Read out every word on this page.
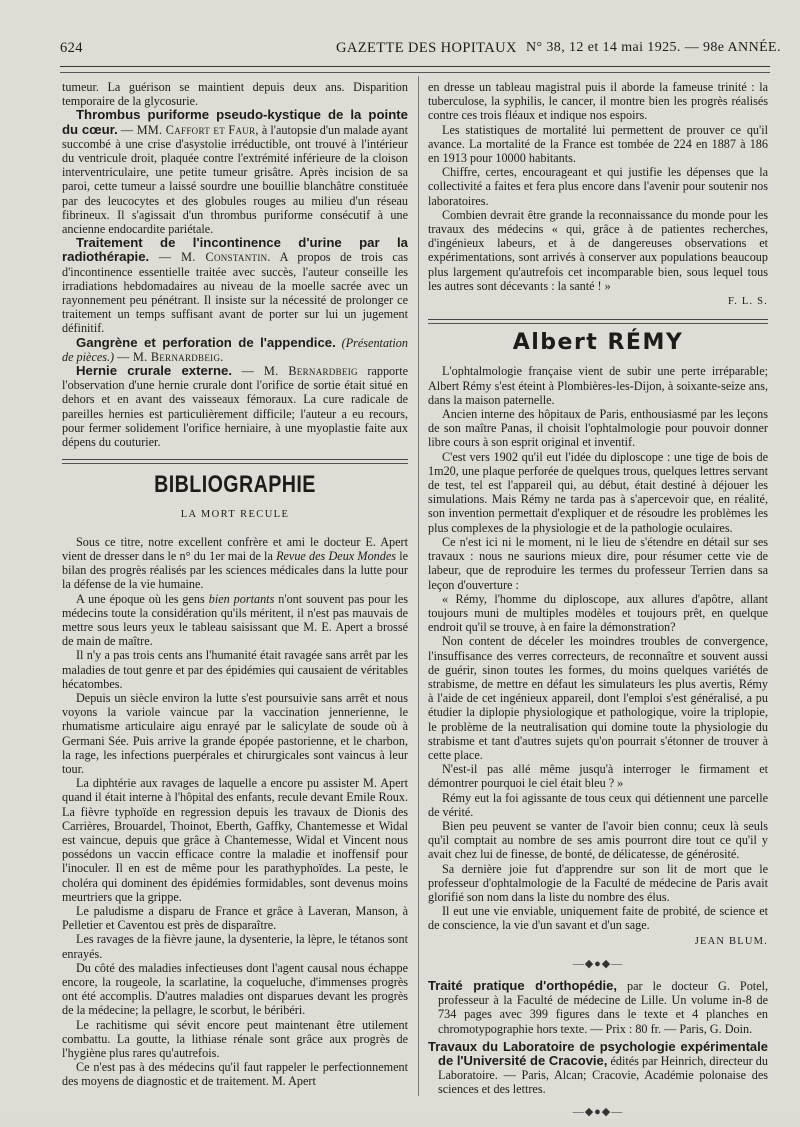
624	GAZETTE DES HOPITAUX N° 38, 12 et 14 mai 1925. — 98e ANNÉE.

tumeur. La guérison se maintient depuis deux ans. Disparition temporaire de la glycosurie.

Thrombus puriforme pseudo-kystique de la pointe du cœur. — MM. Caffort et Faur, à l'autopsie d'un malade ayant succombé à une crise d'asystolie irréductible, ont trouvé à l'intérieur du ventricule droit, plaquée contre l'extrémité inférieure de la cloison interventriculaire, une petite tumeur grisâtre. Après incision de sa paroi, cette tumeur a laissé sourdre une bouillie blanchâtre constituée par des leucocytes et des globules rouges au milieu d'un réseau fibrineux. Il s'agissait d'un thrombus puriforme consécutif à une ancienne endocardite pariétale.

Traitement de l'incontinence d'urine par la radiothérapie. — M. Constantin. A propos de trois cas d'incontinence essentielle traitée avec succès, l'auteur conseille les irradiations hebdomadaires au niveau de la moelle sacrée avec un rayonnement peu pénétrant. Il insiste sur la nécessité de prolonger ce traitement un temps suffisant avant de porter sur lui un jugement définitif.

Gangrène et perforation de l'appendice. (Présentation de pièces.) — M. Bernardbeig.

Hernie crurale externe. — M. Bernardbeig rapporte l'observation d'une hernie crurale dont l'orifice de sortie était situé en dehors et en avant des vaisseaux fémoraux. La cure radicale de pareilles hernies est particulièrement difficile; l'auteur a eu recours, pour fermer solidement l'orifice herniaire, à une myoplastie faite aux dépens du couturier.

BIBLIOGRAPHIE
LA MORT RECULE

Sous ce titre, notre excellent confrère et ami le docteur E. Apert vient de dresser dans le n° du 1er mai de la Revue des Deux Mondes le bilan des progrès réalisés par les sciences médicales dans la lutte pour la défense de la vie humaine.

A une époque où les gens bien portants n'ont souvent pas pour les médecins toute la considération qu'ils méritent, il n'est pas mauvais de mettre sous leurs yeux le tableau saisissant que M. E. Apert a brossé de main de maître.

Il n'y a pas trois cents ans l'humanité était ravagée sans arrêt par les maladies de tout genre et par des épidémies qui causaient de véritables hécatombes.

Depuis un siècle environ la lutte s'est poursuivie sans arrêt et nous voyons la variole vaincue par la vaccination jennerienne, le rhumatisme articulaire aigu enrayé par le salicylate de soude où à Germani Sée. Puis arrive la grande épopée pastorienne, et le charbon, la rage, les infections puerpérales et chirurgicales sont vaincus à leur tour.

La diphtérie aux ravages de laquelle a encore pu assister M. Apert quand il était interne à l'hôpital des enfants, recule devant Emile Roux. La fièvre typhoïde en regression depuis les travaux de Dionis des Carrières, Brouardel, Thoinot, Eberth, Gaffky, Chantemesse et Widal est vaincue, depuis que grâce à Chantemesse, Widal et Vincent nous possédons un vaccin efficace contre la maladie et inoffensif pour l'inoculer. Il en est de même pour les parathyphoïdes. La peste, le choléra qui dominent des épidémies formidables, sont devenus moins meurtriers que la grippe.

Le paludisme a disparu de France et grâce à Laveran, Manson, à Pelletier et Caventou est près de disparaître.

Les ravages de la fièvre jaune, la dysenterie, la lèpre, le tétanos sont enrayés.

Du côté des maladies infectieuses dont l'agent causal nous échappe encore, la rougeole, la scarlatine, la coqueluche, d'immenses progrès ont été accomplis. D'autres maladies ont disparues devant les progrès de la médecine; la pellagre, le scorbut, le béribéri.

Le rachitisme qui sévit encore peut maintenant être utilement combattu. La goutte, la lithiase rénale sont grâce aux progrès de l'hygiène plus rares qu'autrefois.

Ce n'est pas à des médecins qu'il faut rappeler le perfectionnement des moyens de diagnostic et de traitement. M. Apert

en dresse un tableau magistral puis il aborde la fameuse trinité : la tuberculose, la syphilis, le cancer, il montre bien les progrès réalisés contre ces trois fléaux et indique nos espoirs.

Les statistiques de mortalité lui permettent de prouver ce qu'il avance. La mortalité de la France est tombée de 224 en 1887 à 186 en 1913 pour 10000 habitants.

Chiffre, certes, encourageant et qui justifie les dépenses que la collectivité a faites et fera plus encore dans l'avenir pour soutenir nos laboratoires.

Combien devrait être grande la reconnaissance du monde pour les travaux des médecins « qui, grâce à de patientes recherches, d'ingénieux labeurs, et à de dangereuses observations et expérimentations, sont arrivés à conserver aux populations beaucoup plus largement qu'autrefois cet incomparable bien, sous lequel tous les autres sont décevants : la santé ! »

F. L. S.
Albert RÉMY

L'ophtalmologie française vient de subir une perte irréparable; Albert Rémy s'est éteint à Plombières-les-Dijon, à soixante-seize ans, dans la maison paternelle.

Ancien interne des hôpitaux de Paris, enthousiasmé par les leçons de son maître Panas, il choisit l'ophtalmologie pour pouvoir donner libre cours à son esprit original et inventif.

C'est vers 1902 qu'il eut l'idée du diploscope : une tige de bois de 1m20, une plaque perforée de quelques trous, quelques lettres servant de test, tel est l'appareil qui, au début, était destiné à déjouer les simulations. Mais Rémy ne tarda pas à s'apercevoir que, en réalité, son invention permettait d'expliquer et de résoudre les problèmes les plus complexes de la physiologie et de la pathologie oculaires.

Ce n'est ici ni le moment, ni le lieu de s'étendre en détail sur ses travaux : nous ne saurions mieux dire, pour résumer cette vie de labeur, que de reproduire les termes du professeur Terrien dans sa leçon d'ouverture :

« Rémy, l'homme du diploscope, aux allures d'apôtre, allant toujours muni de multiples modèles et toujours prêt, en quelque endroit qu'il se trouve, à en faire la démonstration?

Non content de déceler les moindres troubles de convergence, l'insuffisance des verres correcteurs, de reconnaître et souvent aussi de guérir, sinon toutes les formes, du moins quelques variétés de strabisme, de mettre en défaut les simulateurs les plus avertis, Rémy à l'aide de cet ingénieux appareil, dont l'emploi s'est généralisé, a pu étudier la diplopie physiologique et pathologique, voire la triplopie, le problème de la neutralisation qui domine toute la physiologie du strabisme et tant d'autres sujets qu'on pourrait s'étonner de trouver à cette place.

N'est-il pas allé même jusqu'à interroger le firmament et démontrer pourquoi le ciel était bleu ? »

Rémy eut la foi agissante de tous ceux qui détiennent une parcelle de vérité.

Bien peu peuvent se vanter de l'avoir bien connu; ceux là seuls qu'il comptait au nombre de ses amis pourront dire tout ce qu'il y avait chez lui de finesse, de bonté, de délicatesse, de générosité.

Sa dernière joie fut d'apprendre sur son lit de mort que le professeur d'ophtalmologie de la Faculté de médecine de Paris avait glorifié son nom dans la liste du nombre des élus.

Il eut une vie enviable, uniquement faite de probité, de science et de conscience, la vie d'un savant et d'un sage.

JEAN BLUM.
—◆●◆—

Traité pratique d'orthopédie, par le docteur G. Potel, professeur à la Faculté de médecine de Lille. Un volume in-8 de 734 pages avec 399 figures dans le texte et 4 planches en chromotypographie hors texte. — Prix : 80 fr. — Paris, G. Doin.

Travaux du Laboratoire de psychologie expérimentale de l'Université de Cracovie, édités par Heinrich, directeur du Laboratoire. — Paris, Alcan; Cracovie, Académie polonaise des sciences et des lettres.

—◆●◆—
